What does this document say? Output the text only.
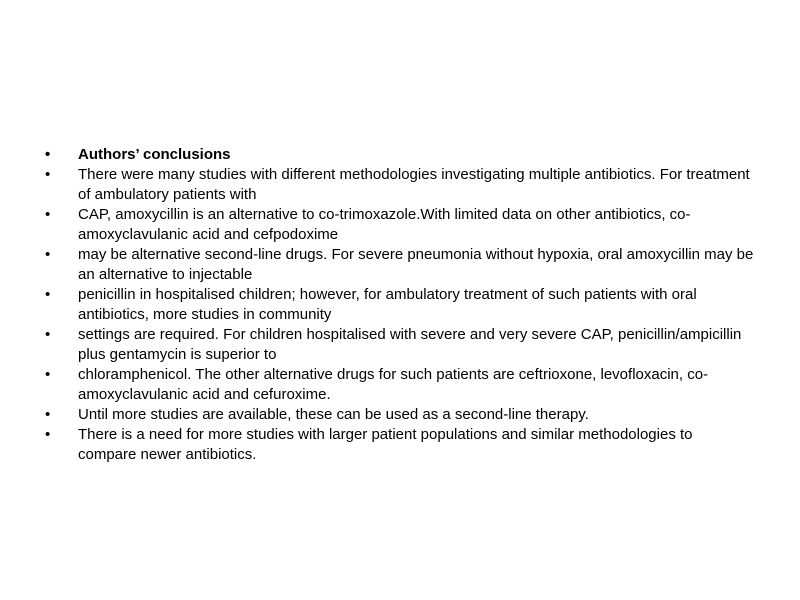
•	Authors’ conclusions
•	There were many studies with different methodologies investigating multiple antibiotics. For treatment of ambulatory patients with
•	CAP, amoxycillin is an alternative to co-trimoxazole.With limited data on other antibiotics, co-amoxyclavulanic acid and cefpodoxime
•	may be alternative second-line drugs. For severe pneumonia without hypoxia, oral amoxycillin may be an alternative to injectable
•	penicillin in hospitalised children; however, for ambulatory treatment of such patients with oral antibiotics, more studies in community
•	settings are required. For children hospitalised with severe and very severe CAP, penicillin/ampicillin plus gentamycin is superior to
•	chloramphenicol. The other alternative drugs for such patients are ceftrioxone, levofloxacin, co-amoxyclavulanic acid and cefuroxime.
•	Until more studies are available, these can be used as a second-line therapy.
•	There is a need for more studies with larger patient populations and similar methodologies to compare newer antibiotics.
